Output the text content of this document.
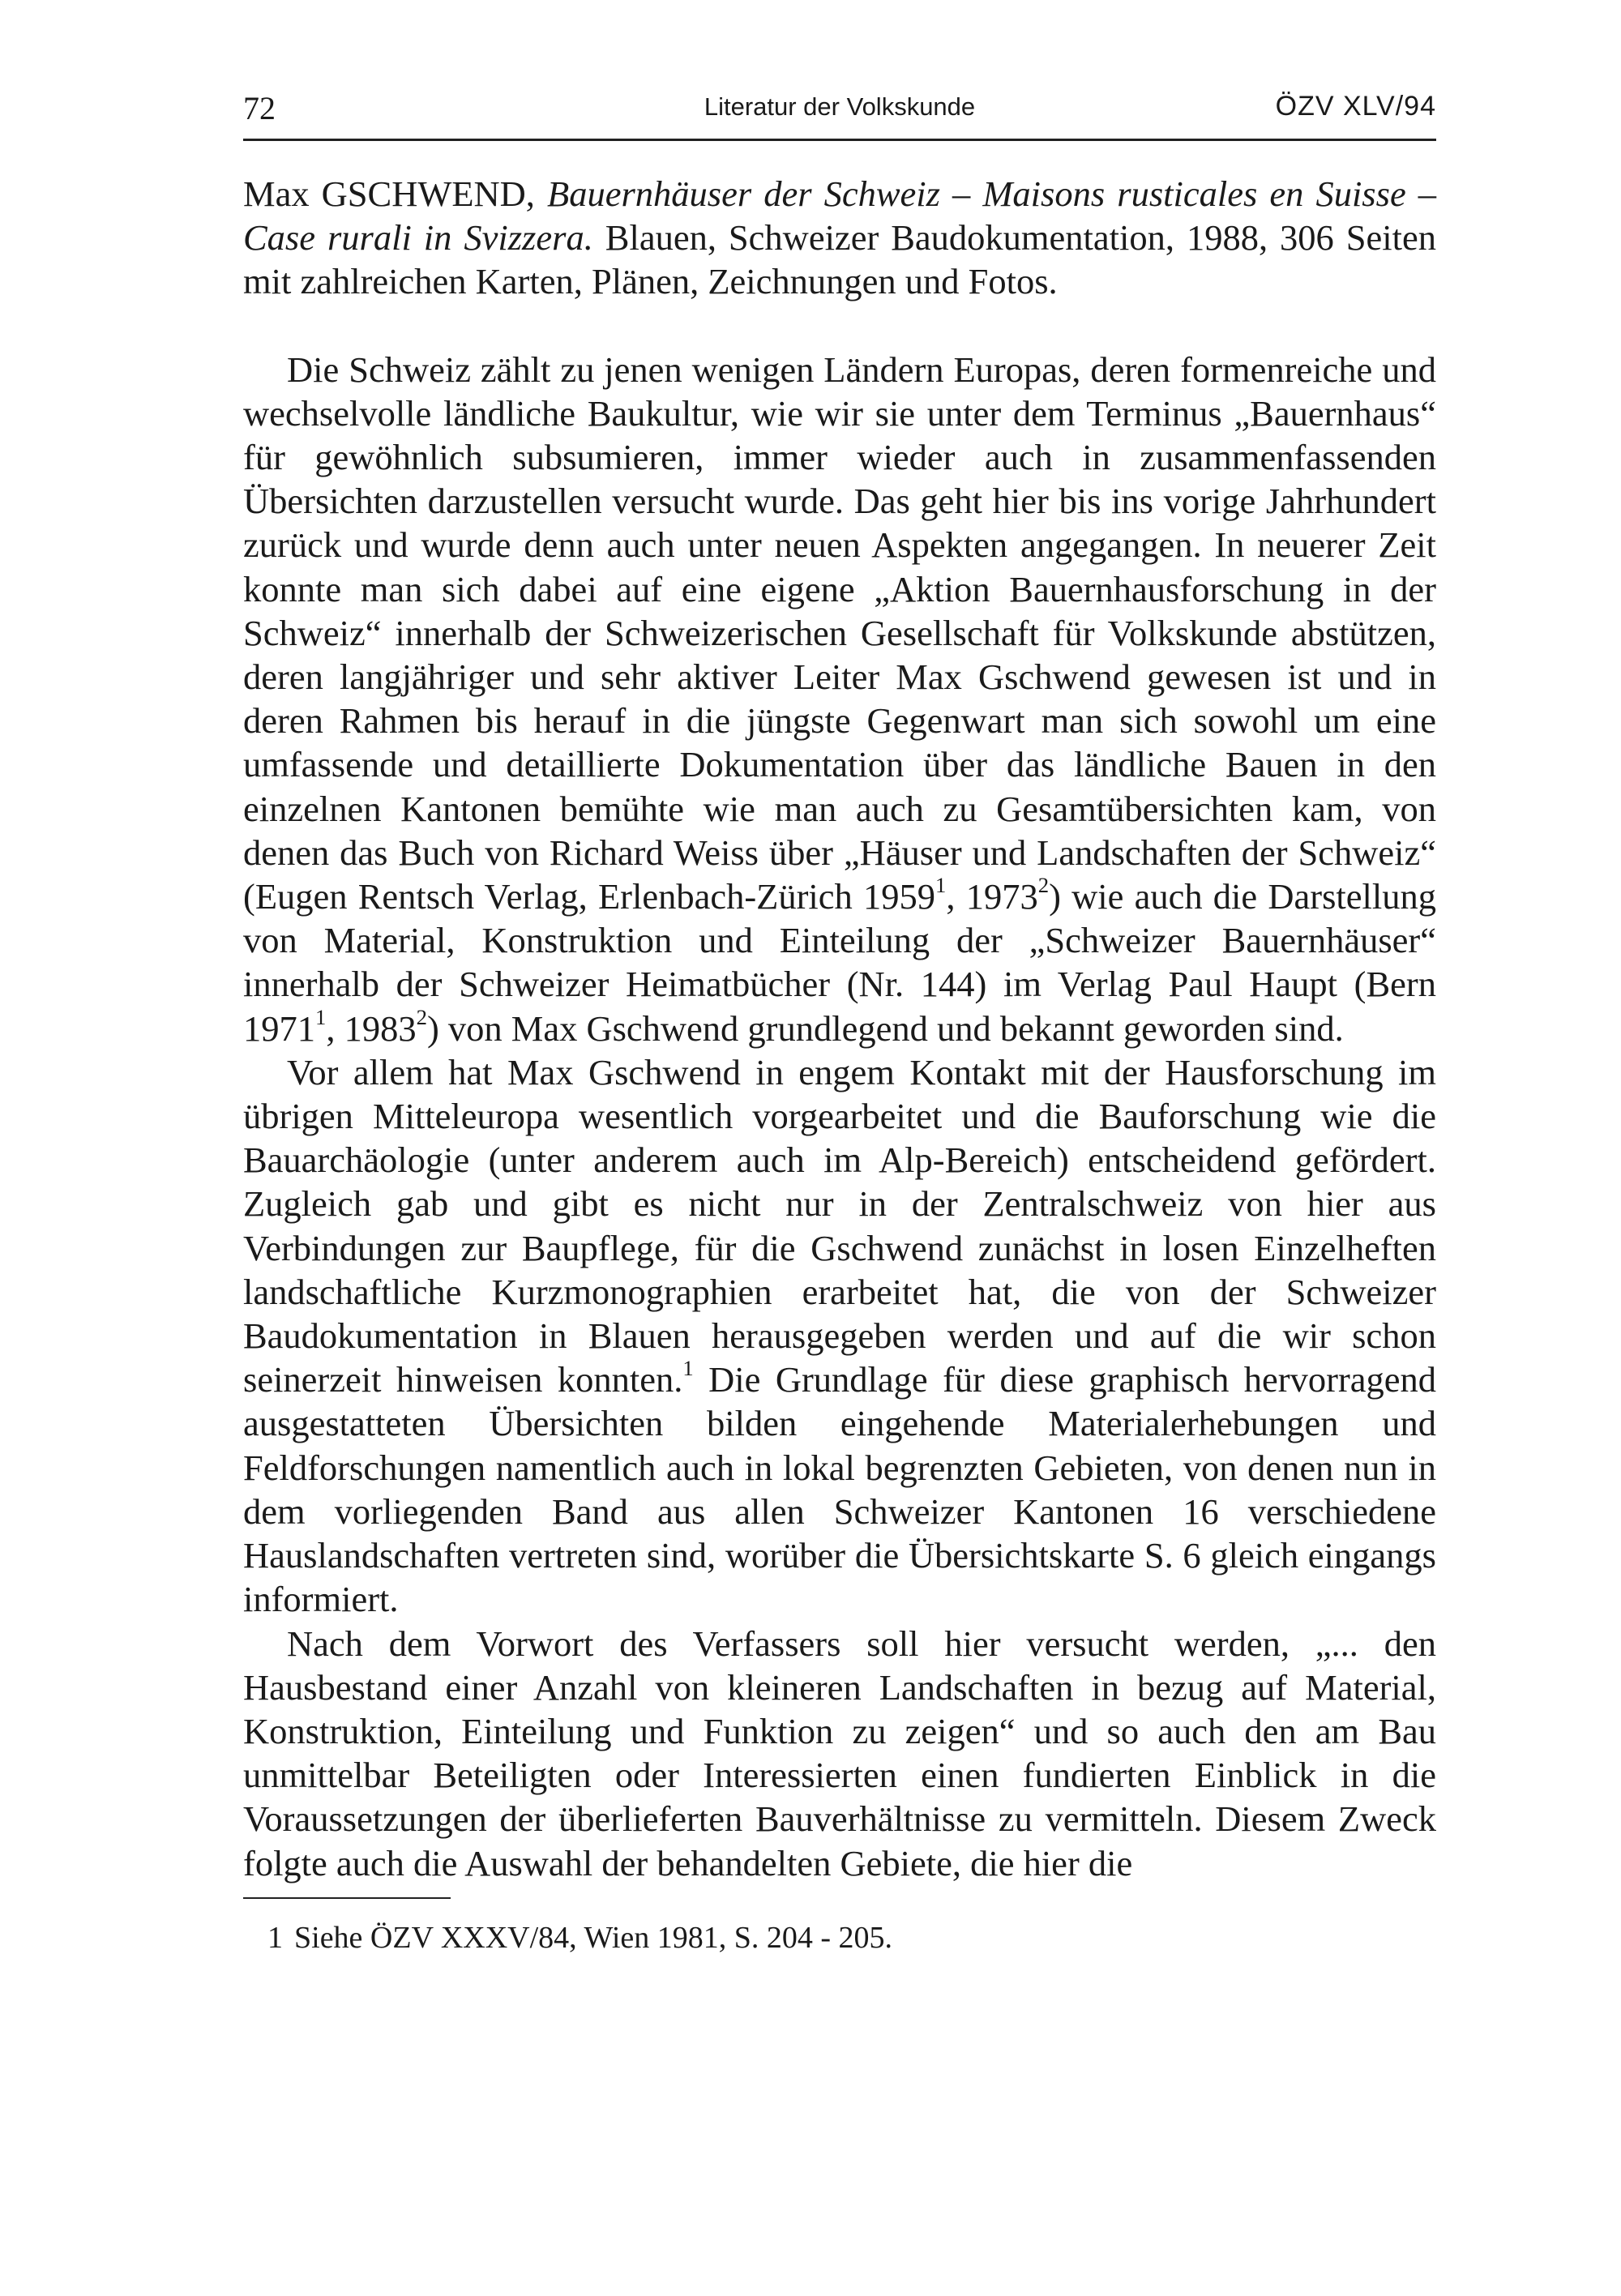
72	Literatur der Volkskunde	ÖZV XLV/94

Max GSCHWEND, Bauernhäuser der Schweiz – Maisons rusticales en Suisse – Case rurali in Svizzera. Blauen, Schweizer Baudokumentation, 1988, 306 Seiten mit zahlreichen Karten, Plänen, Zeichnungen und Fotos.

Die Schweiz zählt zu jenen wenigen Ländern Europas, deren formenreiche und wechselvolle ländliche Baukultur, wie wir sie unter dem Terminus „Bauernhaus“ für gewöhnlich subsumieren, immer wieder auch in zusammenfassenden Übersichten darzustellen versucht wurde. Das geht hier bis ins vorige Jahrhundert zurück und wurde denn auch unter neuen Aspekten angegangen. In neuerer Zeit konnte man sich dabei auf eine eigene „Aktion Bauernhausforschung in der Schweiz“ innerhalb der Schweizerischen Gesellschaft für Volkskunde abstützen, deren langjähriger und sehr aktiver Leiter Max Gschwend gewesen ist und in deren Rahmen bis herauf in die jüngste Gegenwart man sich sowohl um eine umfassende und detaillierte Dokumentation über das ländliche Bauen in den einzelnen Kantonen bemühte wie man auch zu Gesamtübersichten kam, von denen das Buch von Richard Weiss über „Häuser und Landschaften der Schweiz“ (Eugen Rentsch Verlag, Erlenbach-Zürich 1959$^1$, 1973$^2$) wie auch die Darstellung von Material, Konstruktion und Einteilung der „Schweizer Bauernhäuser“ innerhalb der Schweizer Heimatbücher (Nr. 144) im Verlag Paul Haupt (Bern 1971$^1$, 1983$^2$) von Max Gschwend grundlegend und bekannt geworden sind.

Vor allem hat Max Gschwend in engem Kontakt mit der Hausforschung im übrigen Mitteleuropa wesentlich vorgearbeitet und die Bauforschung wie die Bauarchäologie (unter anderem auch im Alp-Bereich) entscheidend gefördert. Zugleich gab und gibt es nicht nur in der Zentralschweiz von hier aus Verbindungen zur Baupflege, für die Gschwend zunächst in losen Einzelheften landschaftliche Kurzmonographien erarbeitet hat, die von der Schweizer Baudokumentation in Blauen herausgegeben werden und auf die wir schon seinerzeit hinweisen konnten.$^1$ Die Grundlage für diese graphisch hervorragend ausgestatteten Übersichten bilden eingehende Materialerhebungen und Feldforschungen namentlich auch in lokal begrenzten Gebieten, von denen nun in dem vorliegenden Band aus allen Schweizer Kantonen 16 verschiedene Hauslandschaften vertreten sind, worüber die Übersichtskarte S. 6 gleich eingangs informiert.

Nach dem Vorwort des Verfassers soll hier versucht werden, „... den Hausbestand einer Anzahl von kleineren Landschaften in bezug auf Material, Konstruktion, Einteilung und Funktion zu zeigen“ und so auch den am Bau unmittelbar Beteiligten oder Interessierten einen fundierten Einblick in die Voraussetzungen der überlieferten Bauverhältnisse zu vermitteln. Diesem Zweck folgte auch die Auswahl der behandelten Gebiete, die hier die

1 Siehe ÖZV XXXV/84, Wien 1981, S. 204 - 205.
